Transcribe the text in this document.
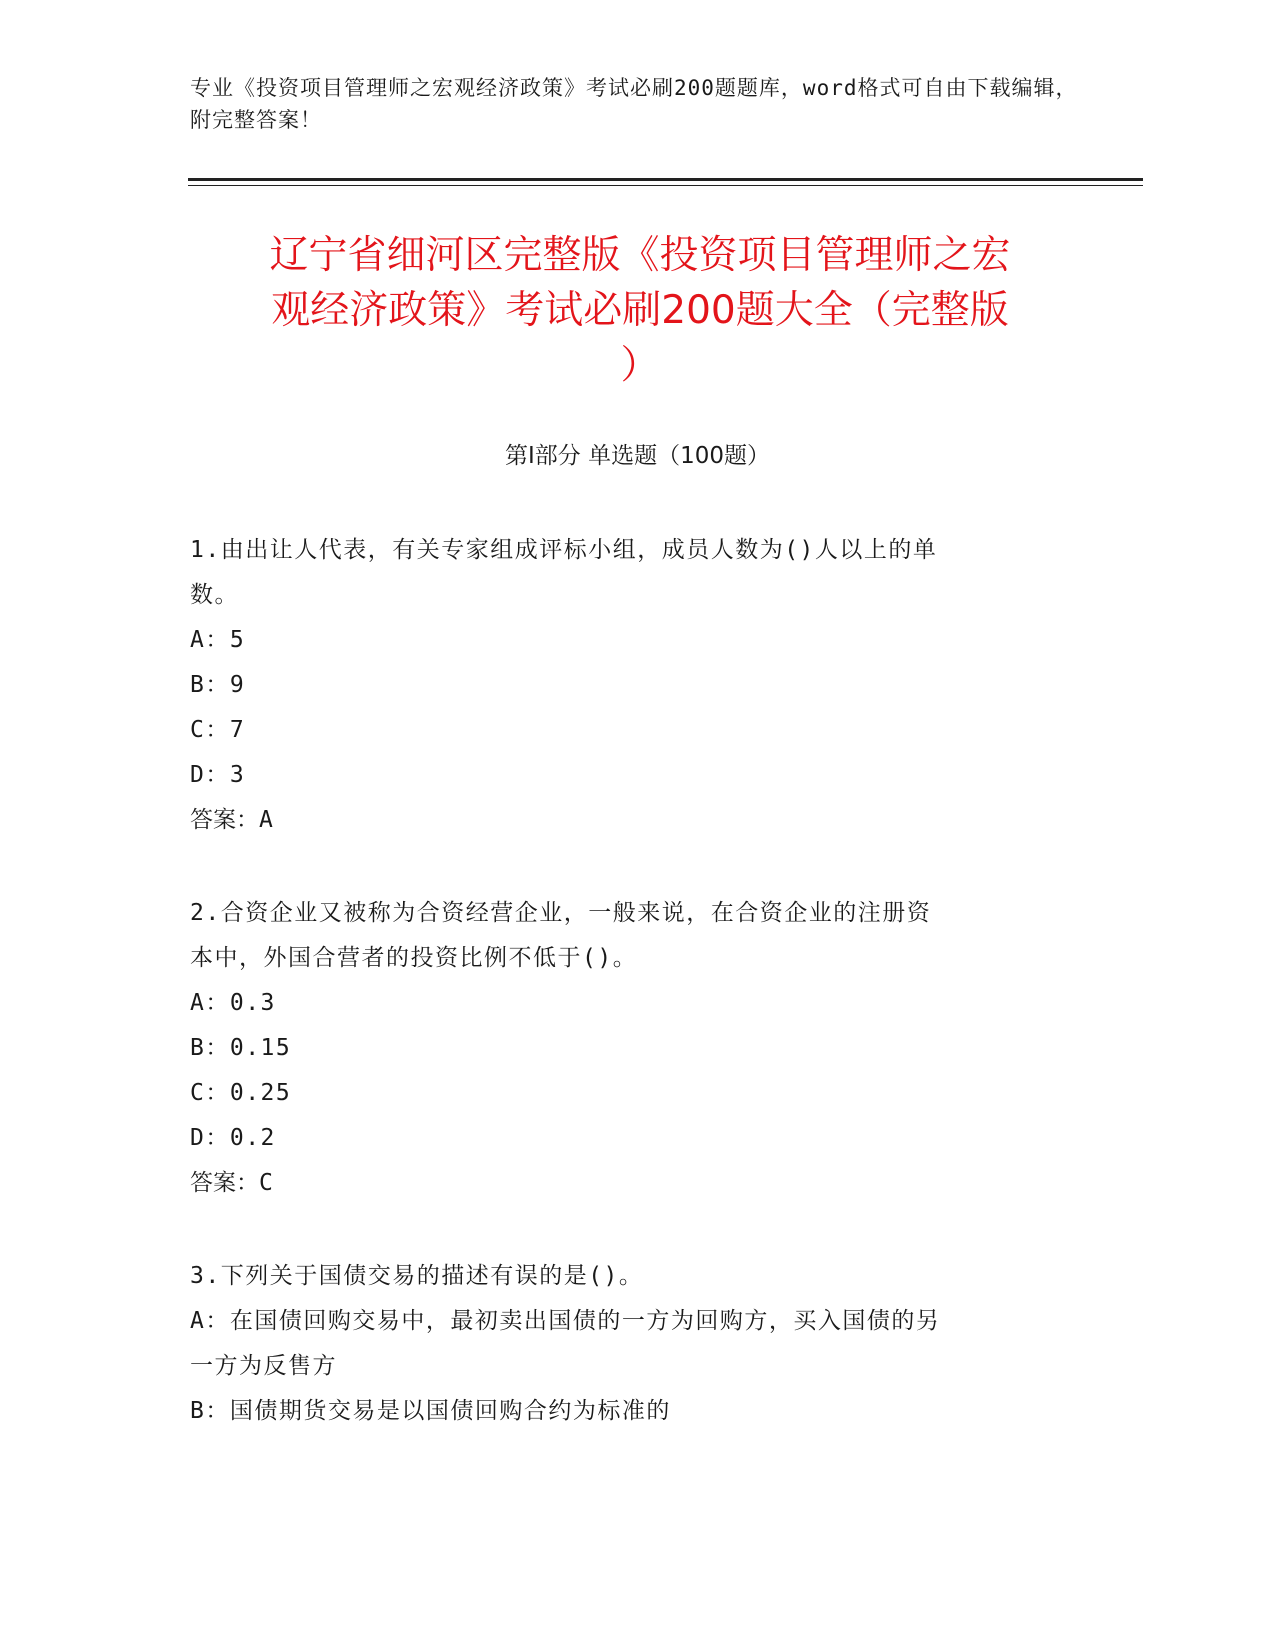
专业《投资项目管理师之宏观经济政策》考试必刷200题题库，word格式可自由下载编辑，附完整答案！
辽宁省细河区完整版《投资项目管理师之宏
观经济政策》考试必刷200题大全（完整版
）
第Ⅰ部分 单选题（100题）
1.由出让人代表，有关专家组成评标小组，成员人数为()人以上的单
数。
A：5
B：9
C：7
D：3
答案：A
2.合资企业又被称为合资经营企业，一般来说，在合资企业的注册资
本中，外国合营者的投资比例不低于()。
A：0.3
B：0.15
C：0.25
D：0.2
答案：C
3.下列关于国债交易的描述有误的是()。
A：在国债回购交易中，最初卖出国债的一方为回购方，买入国债的另
一方为反售方
B：国债期货交易是以国债回购合约为标准的
